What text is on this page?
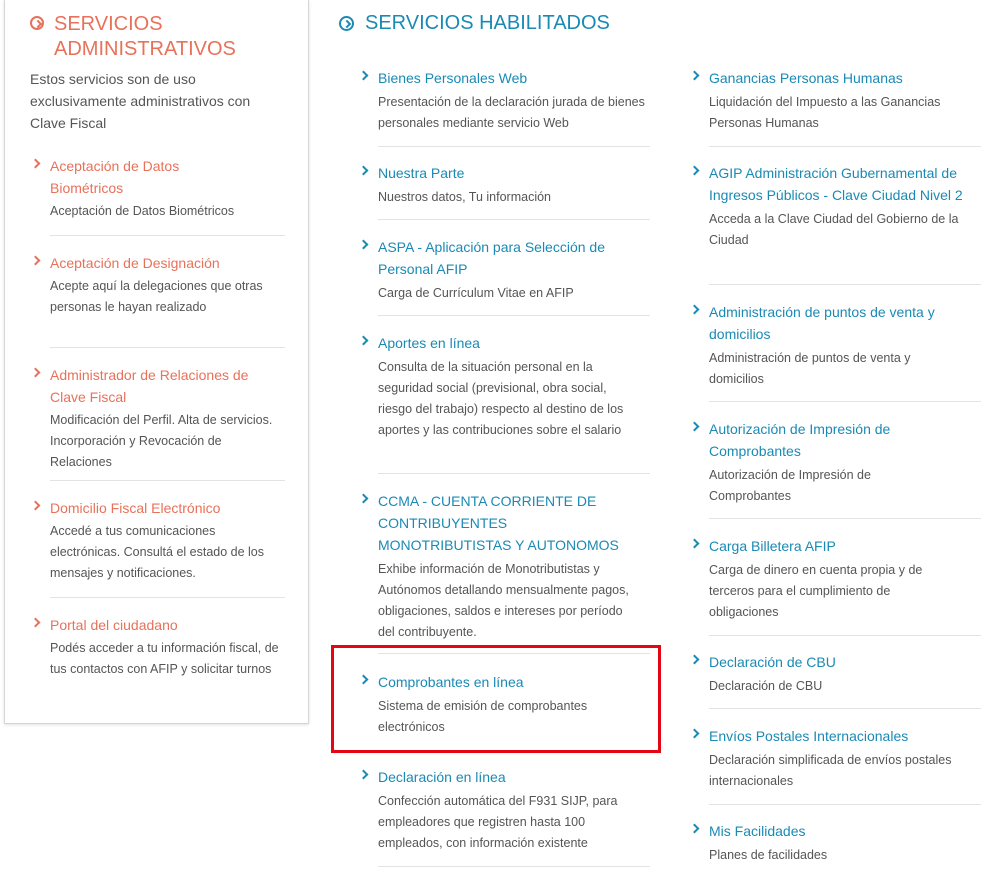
SERVICIOS ADMINISTRATIVOS
Estos servicios son de uso exclusivamente administrativos con Clave Fiscal
Aceptación de Datos Biométricos
Aceptación de Datos Biométricos
Aceptación de Designación
Acepte aquí la delegaciones que otras personas le hayan realizado
Administrador de Relaciones de Clave Fiscal
Modificación del Perfil. Alta de servicios. Incorporación y Revocación de Relaciones
Domicilio Fiscal Electrónico
Accedé a tus comunicaciones electrónicas. Consultá el estado de los mensajes y notificaciones.
Portal del ciudadano
Podés acceder a tu información fiscal, de tus contactos con AFIP y solicitar turnos
SERVICIOS HABILITADOS
Bienes Personales Web
Presentación de la declaración jurada de bienes personales mediante servicio Web
Nuestra Parte
Nuestros datos, Tu información
ASPA - Aplicación para Selección de Personal AFIP
Carga de Currículum Vitae en AFIP
Aportes en línea
Consulta de la situación personal en la seguridad social (previsional, obra social, riesgo del trabajo) respecto al destino de los aportes y las contribuciones sobre el salario
CCMA - CUENTA CORRIENTE DE CONTRIBUYENTES MONOTRIBUTISTAS Y AUTONOMOS
Exhibe información de Monotributistas y Autónomos detallando mensualmente pagos, obligaciones, saldos e intereses por período del contribuyente.
Comprobantes en línea
Sistema de emisión de comprobantes electrónicos
Declaración en línea
Confección automática del F931 SIJP, para empleadores que registren hasta 100 empleados, con información existente
Ganancias Personas Humanas
Liquidación del Impuesto a las Ganancias Personas Humanas
AGIP Administración Gubernamental de Ingresos Públicos - Clave Ciudad Nivel 2
Acceda a la Clave Ciudad del Gobierno de la Ciudad
Administración de puntos de venta y domicilios
Administración de puntos de venta y domicilios
Autorización de Impresión de Comprobantes
Autorización de Impresión de Comprobantes
Carga Billetera AFIP
Carga de dinero en cuenta propia y de terceros para el cumplimiento de obligaciones
Declaración de CBU
Declaración de CBU
Envíos Postales Internacionales
Declaración simplificada de envíos postales internacionales
Mis Facilidades
Planes de facilidades
